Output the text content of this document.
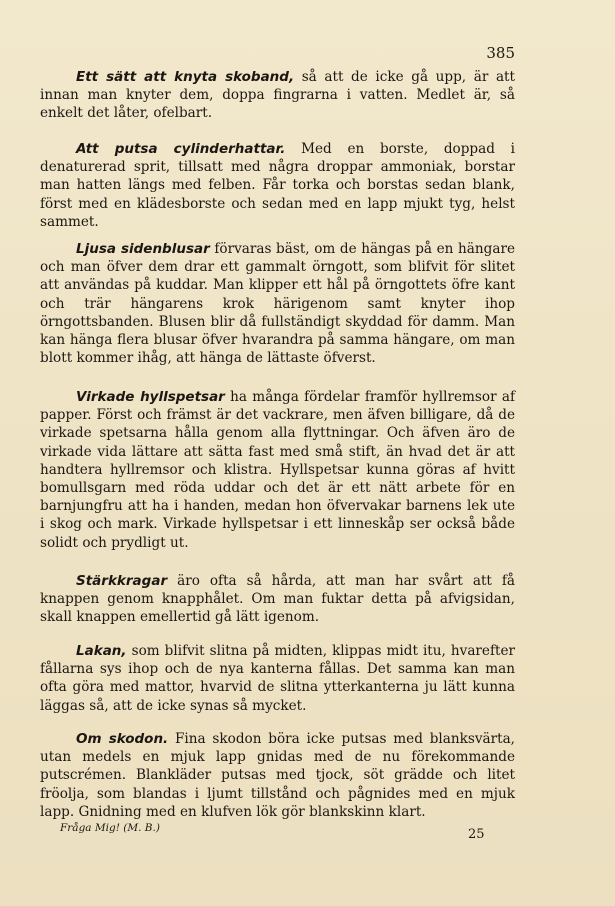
385
Ett sätt att knyta skoband, så att de icke gå upp, är att innan man knyter dem, doppa fingrarna i vatten. Medlet är, så enkelt det låter, ofelbart.
Att putsa cylinderhattar. Med en borste, doppad i denaturerad sprit, tillsatt med några droppar ammoniak, borstar man hatten längs med felben. Får torka och borstas sedan blank, först med en klädesborste och sedan med en lapp mjukt tyg, helst sammet.
Ljusa sidenblusar förvaras bäst, om de hängas på en hängare och man öfver dem drar ett gammalt örngott, som blifvit för slitet att användas på kuddar. Man klipper ett hål på örngottets öfre kant och trär hängarens krok härigenom samt knyter ihop örngottsbanden. Blusen blir då fullständigt skyddad för damm. Man kan hänga flera blusar öfver hvarandra på samma hängare, om man blott kommer ihåg, att hänga de lättaste öfverst.
Virkade hyllspetsar ha många fördelar framför hyllremsor af papper. Först och främst är det vackrare, men äfven billigare, då de virkade spetsarna hålla genom alla flyttningar. Och äfven äro de virkade vida lättare att sätta fast med små stift, än hvad det är att handtera hyllremsor och klistra. Hyllspetsar kunna göras af hvitt bomullsgarn med röda uddar och det är ett nätt arbete för en barnjungfru att ha i handen, medan hon öfvervakar barnens lek ute i skog och mark. Virkade hyllspetsar i ett linneskåp ser också både solidt och prydligt ut.
Stärkkragar äro ofta så hårda, att man har svårt att få knappen genom knapphålet. Om man fuktar detta på afvigsidan, skall knappen emellertid gå lätt igenom.
Lakan, som blifvit slitna på midten, klippas midt itu, hvarefter fållarna sys ihop och de nya kanterna fållas. Det samma kan man ofta göra med mattor, hvarvid de slitna ytterkanterna ju lätt kunna läggas så, att de icke synas så mycket.
Om skodon. Fina skodon böra icke putsas med blanksvärta, utan medels en mjuk lapp gnidas med de nu förekommande putscrémen. Blankläder putsas med tjock, söt grädde och litet fröolja, som blandas i ljumt tillstånd och pågnides med en mjuk lapp. Gnidning med en klufven lök gör blankskinn klart.
Fråga Mig! (M. B.)	25
